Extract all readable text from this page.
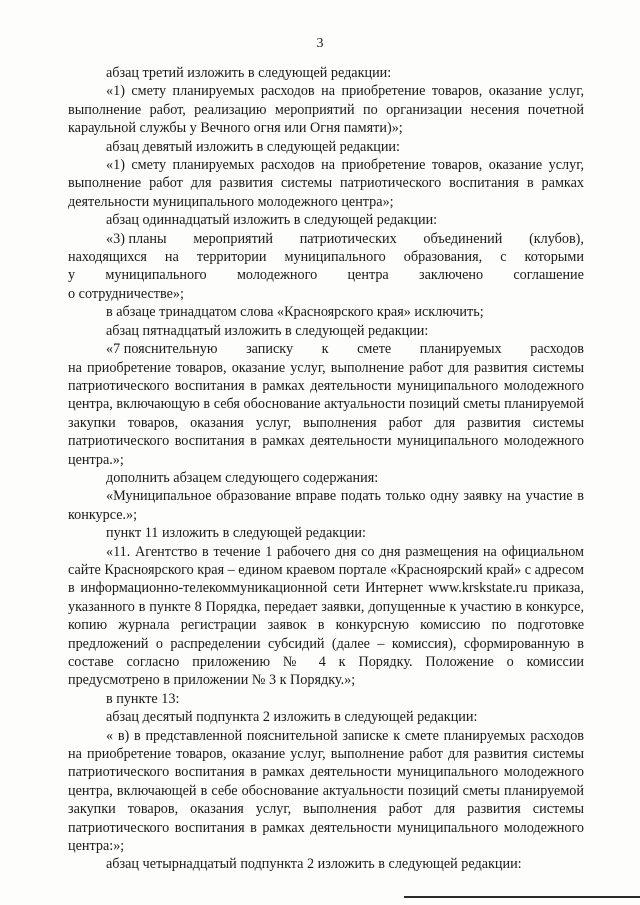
3

абзац третий изложить в следующей редакции:

«1) смету планируемых расходов на приобретение товаров, оказание услуг, выполнение работ, реализацию мероприятий по организации несения почетной караульной службы у Вечного огня или Огня памяти)»;

абзац девятый изложить в следующей редакции:

«1) смету планируемых расходов на приобретение товаров, оказание услуг, выполнение работ для развития системы патриотического воспитания в рамках деятельности муниципального молодежного центра»;

абзац одиннадцатый изложить в следующей редакции:

«3) планы мероприятий патриотических объединений (клубов),
находящихся на территории муниципального образования, с которыми
у муниципального молодежного центра заключено соглашение

о сотрудничестве»;

в абзаце тринадцатом слова «Красноярского края» исключить;

абзац пятнадцатый изложить в следующей редакции:

«7 пояснительную записку к смете планируемых расходов

на приобретение товаров, оказание услуг, выполнение работ для развития системы патриотического воспитания в рамках деятельности муниципального молодежного центра, включающую в себя обоснование актуальности позиций сметы планируемой закупки товаров, оказания услуг, выполнения работ для развития системы патриотического воспитания в рамках деятельности муниципального молодежного центра.»;

дополнить абзацем следующего содержания:

«Муниципальное образование вправе подать только одну заявку на участие в конкурсе.»;

пункт 11 изложить в следующей редакции:

«11. Агентство в течение 1 рабочего дня со дня размещения на официальном сайте Красноярского края – едином краевом портале «Красноярский край» с адресом в информационно-телекоммуникационной сети Интернет www.krskstate.ru приказа, указанного в пункте 8 Порядка, передает заявки, допущенные к участию в конкурсе, копию журнала регистрации заявок в конкурсную комиссию по подготовке предложений о распределении субсидий (далее – комиссия), сформированную в составе согласно приложению № 4 к Порядку. Положение о комиссии предусмотрено в приложении № 3 к Порядку.»;

в пункте 13:

абзац десятый подпункта 2 изложить в следующей редакции:

« в) в представленной пояснительной записке к смете планируемых расходов на приобретение товаров, оказание услуг, выполнение работ для развития системы патриотического воспитания в рамках деятельности муниципального молодежного центра, включающей в себе обоснование актуальности позиций сметы планируемой закупки товаров, оказания услуг, выполнения работ для развития системы патриотического воспитания в рамках деятельности муниципального молодежного центра:»;

абзац четырнадцатый подпункта 2 изложить в следующей редакции:
